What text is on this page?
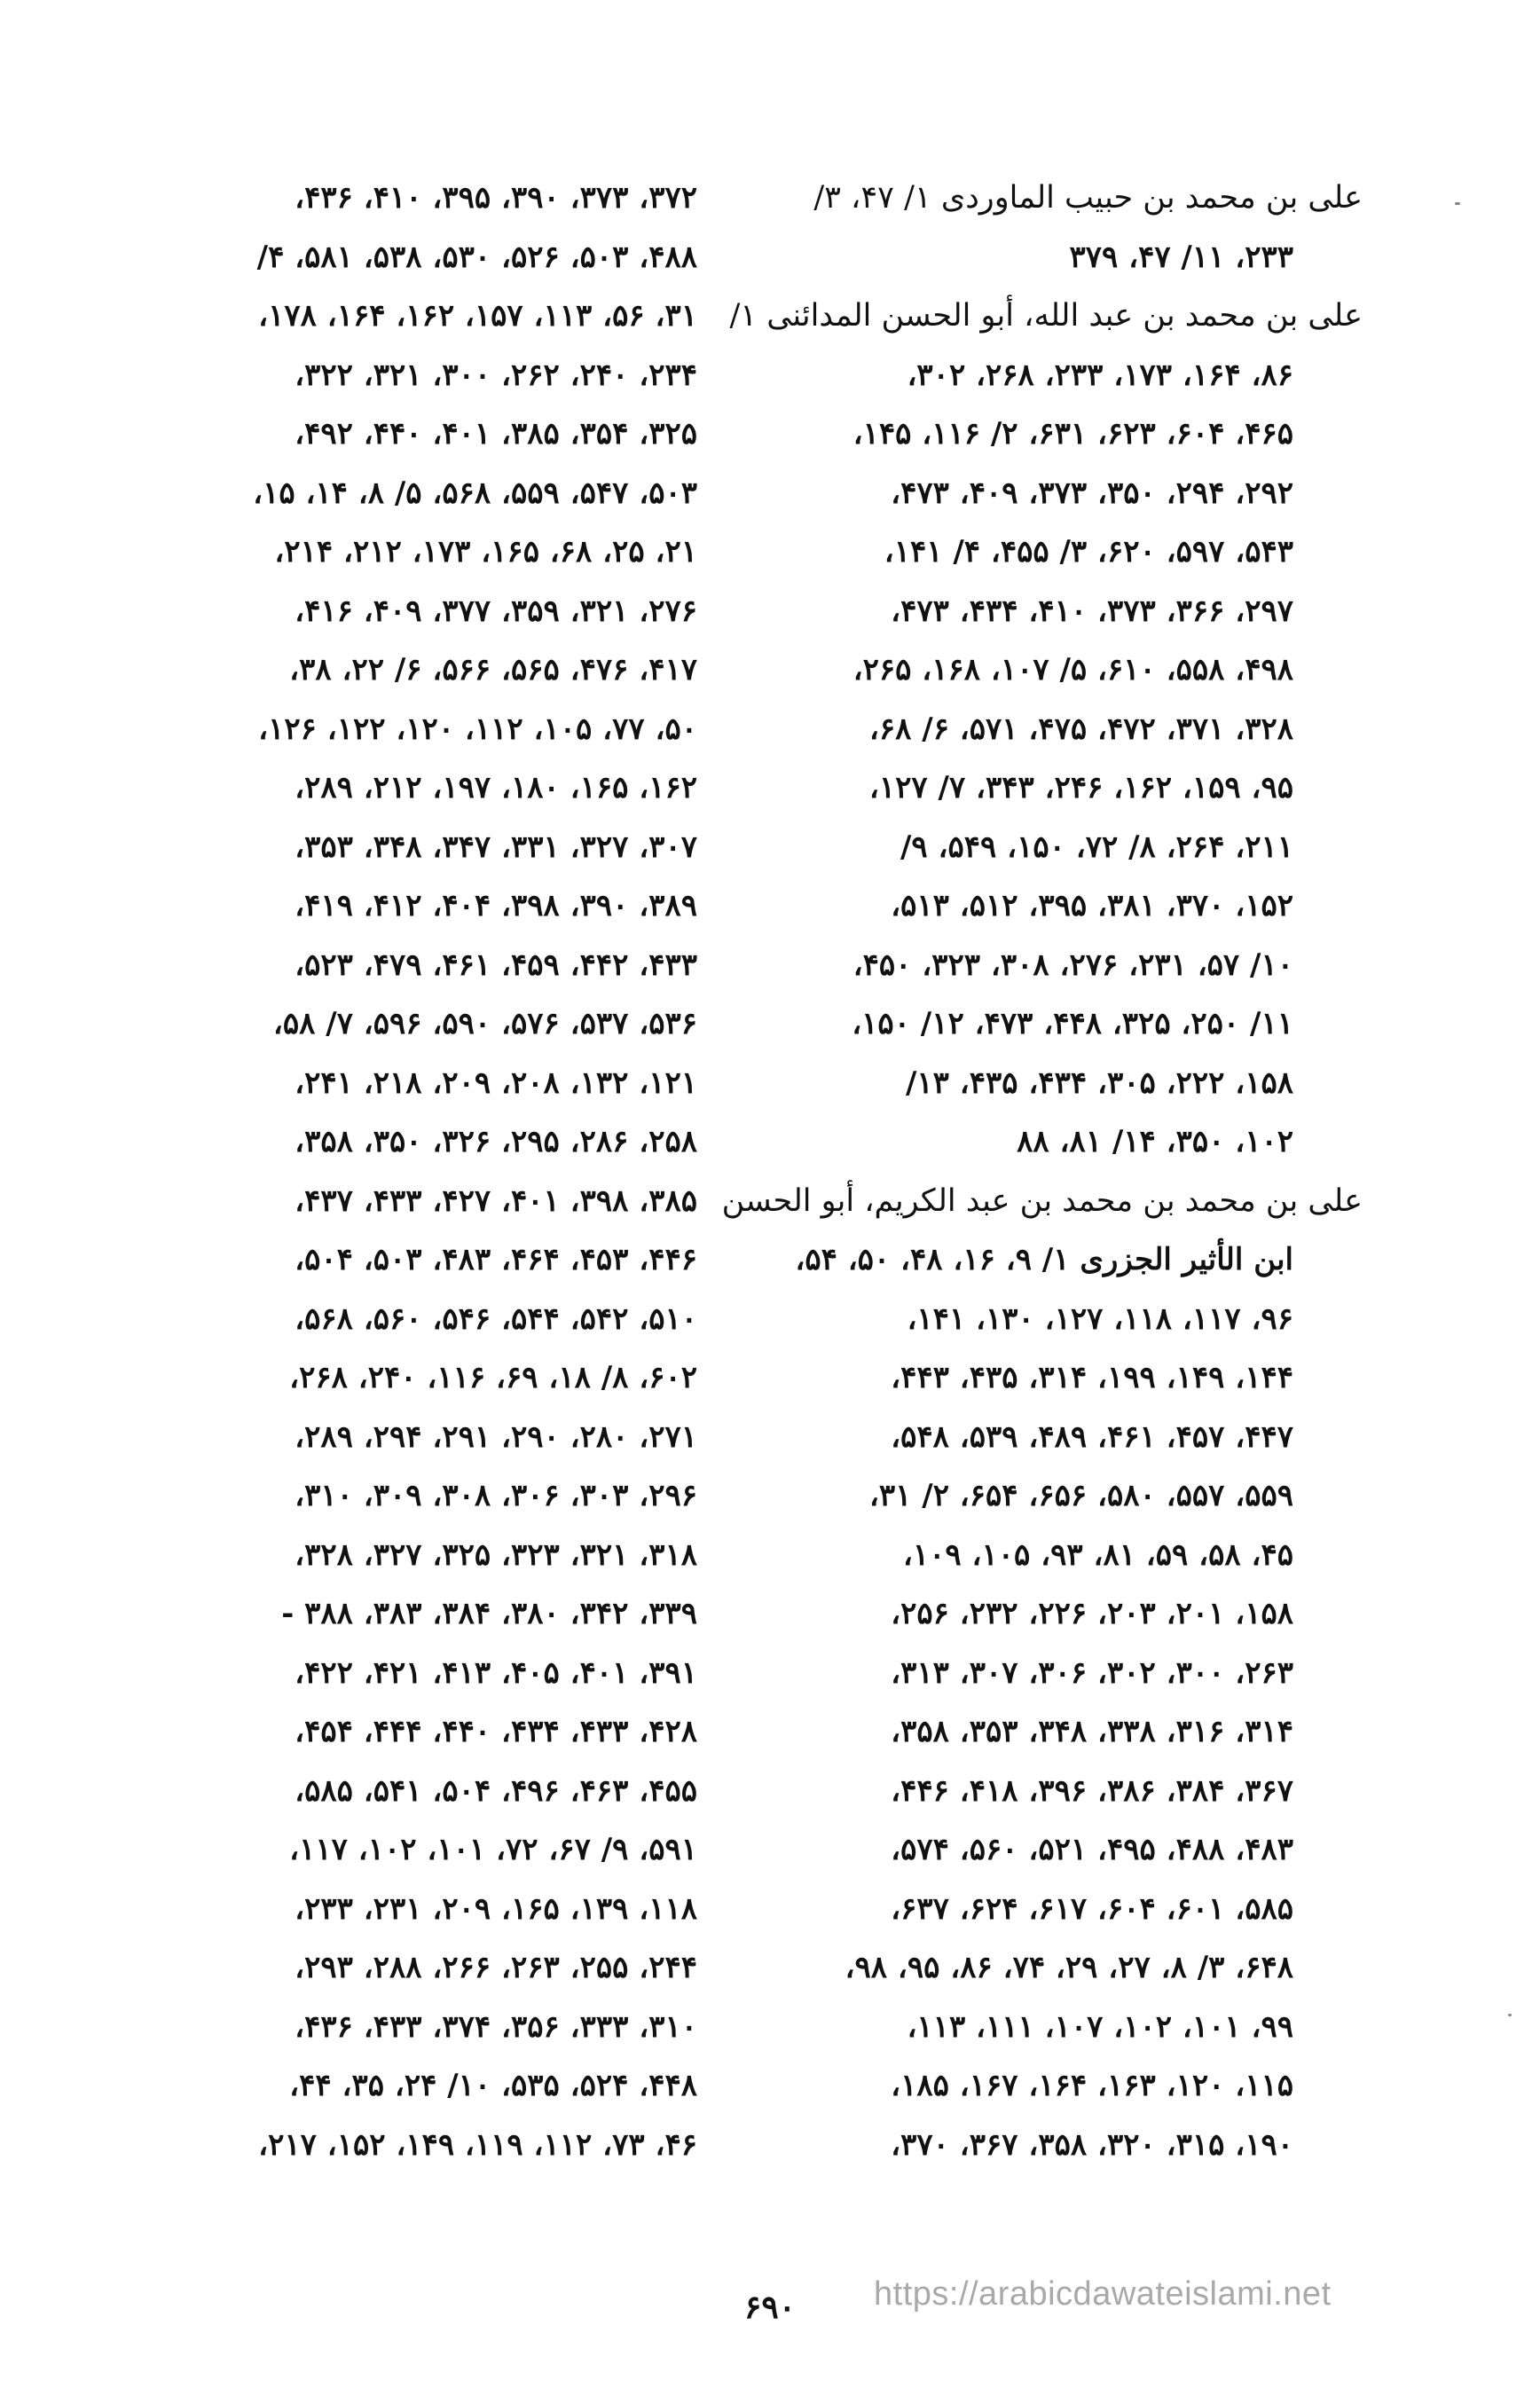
على بن محمد بن حبيب الماوردى ۱/ ۴۷، ۳/
۲۳۳، ۱۱/ ۴۷، ۳۷۹
على بن محمد بن عبد الله، أبو الحسن المدائنى ۱/
۸۶، ۱۶۴، ۱۷۳، ۲۳۳، ۲۶۸، ۳۰۲،
۴۶۵، ۶۰۴، ۶۲۳، ۶۳۱، ۲/ ۱۱۶، ۱۴۵،
۲۹۲، ۲۹۴، ۳۵۰، ۳۷۳، ۴۰۹، ۴۷۳،
۵۴۳، ۵۹۷، ۶۲۰، ۳/ ۴۵۵، ۴/ ۱۴۱،
۲۹۷، ۳۶۶، ۳۷۳، ۴۱۰، ۴۳۴، ۴۷۳،
۴۹۸، ۵۵۸، ۶۱۰، ۵/ ۱۰۷، ۱۶۸، ۲۶۵،
۳۲۸، ۳۷۱، ۴۷۲، ۴۷۵، ۵۷۱، ۶/ ۶۸،
۹۵، ۱۵۹، ۱۶۲، ۲۴۶، ۳۴۳، ۷/ ۱۲۷،
۲۱۱، ۲۶۴، ۸/ ۷۲، ۱۵۰، ۵۴۹، ۹/
۱۵۲، ۳۷۰، ۳۸۱، ۳۹۵، ۵۱۲، ۵۱۳،
۱۰/ ۵۷، ۲۳۱، ۲۷۶، ۳۰۸، ۳۲۳، ۴۵۰،
۱۱/ ۲۵۰، ۳۲۵، ۴۴۸، ۴۷۳، ۱۲/ ۱۵۰،
۱۵۸، ۲۲۲، ۳۰۵، ۴۳۴، ۴۳۵، ۱۳/
۱۰۲، ۳۵۰، ۱۴/ ۸۱، ۸۸
على بن محمد بن محمد بن عبد الكريم، أبو الحسن
ابن الأثير الجزرى ۱/ ۹، ۱۶، ۴۸، ۵۰، ۵۴،
۹۶، ۱۱۷، ۱۱۸، ۱۲۷، ۱۳۰، ۱۴۱،
۱۴۴، ۱۴۹، ۱۹۹، ۳۱۴، ۴۳۵، ۴۴۳،
۴۴۷، ۴۵۷، ۴۶۱، ۴۸۹، ۵۳۹، ۵۴۸،
۵۵۹، ۵۵۷، ۵۸۰، ۶۵۶، ۶۵۴، ۲/ ۳۱،
۴۵، ۵۸، ۵۹، ۸۱، ۹۳، ۱۰۵، ۱۰۹،
۱۵۸، ۲۰۱، ۲۰۳، ۲۲۶، ۲۳۲، ۲۵۶،
۲۶۳، ۳۰۰، ۳۰۲، ۳۰۶، ۳۰۷، ۳۱۳،
۳۱۴، ۳۱۶، ۳۳۸، ۳۴۸، ۳۵۳، ۳۵۸،
۳۶۷، ۳۸۴، ۳۸۶، ۳۹۶، ۴۱۸، ۴۴۶،
۴۸۳، ۴۸۸، ۴۹۵، ۵۲۱، ۵۶۰، ۵۷۴،
۵۸۵، ۶۰۱، ۶۰۴، ۶۱۷، ۶۲۴، ۶۳۷،
۶۴۸، ۳/ ۸، ۲۷، ۲۹، ۷۴، ۸۶، ۹۵، ۹۸،
۹۹، ۱۰۱، ۱۰۲، ۱۰۷، ۱۱۱، ۱۱۳،
۱۱۵، ۱۲۰، ۱۶۳، ۱۶۴، ۱۶۷، ۱۸۵،
۱۹۰، ۳۱۵، ۳۲۰، ۳۵۸، ۳۶۷، ۳۷۰،
۳۷۲، ۳۷۳، ۳۹۰، ۳۹۵، ۴۱۰، ۴۳۶،
۴۸۸، ۵۰۳، ۵۲۶، ۵۳۰، ۵۳۸، ۵۸۱، ۴/
۳۱، ۵۶، ۱۱۳، ۱۵۷، ۱۶۲، ۱۶۴، ۱۷۸،
۲۳۴، ۲۴۰، ۲۶۲، ۳۰۰، ۳۲۱، ۳۲۲،
۳۲۵، ۳۵۴، ۳۸۵، ۴۰۱، ۴۴۰، ۴۹۲،
۵۰۳، ۵۴۷، ۵۵۹، ۵۶۸، ۵/ ۸، ۱۴، ۱۵،
۲۱، ۲۵، ۶۸، ۱۶۵، ۱۷۳، ۲۱۲، ۲۱۴،
۲۷۶، ۳۲۱، ۳۵۹، ۳۷۷، ۴۰۹، ۴۱۶،
۴۱۷، ۴۷۶، ۵۶۵، ۵۶۶، ۶/ ۲۲، ۳۸،
۵۰، ۷۷، ۱۰۵، ۱۱۲، ۱۲۰، ۱۲۲، ۱۲۶،
۱۶۲، ۱۶۵، ۱۸۰، ۱۹۷، ۲۱۲، ۲۸۹،
۳۰۷، ۳۲۷، ۳۳۱، ۳۴۷، ۳۴۸، ۳۵۳،
۳۸۹، ۳۹۰، ۳۹۸، ۴۰۴، ۴۱۲، ۴۱۹،
۴۳۳، ۴۴۲، ۴۵۹، ۴۶۱، ۴۷۹، ۵۲۳،
۵۳۶، ۵۳۷، ۵۷۶، ۵۹۰، ۵۹۶، ۷/ ۵۸،
۱۲۱، ۱۳۲، ۲۰۸، ۲۰۹، ۲۱۸، ۲۴۱،
۲۵۸، ۲۸۶، ۲۹۵، ۳۲۶، ۳۵۰، ۳۵۸،
۳۸۵، ۳۹۸، ۴۰۱، ۴۲۷، ۴۳۳، ۴۳۷،
۴۴۶، ۴۵۳، ۴۶۴، ۴۸۳، ۵۰۳، ۵۰۴،
۵۱۰، ۵۴۲، ۵۴۴، ۵۴۶، ۵۶۰، ۵۶۸،
۶۰۲، ۸/ ۱۸، ۶۹، ۱۱۶، ۲۴۰، ۲۶۸،
۲۷۱، ۲۸۰، ۲۹۰، ۲۹۱، ۲۹۴، ۲۸۹،
۲۹۶، ۳۰۳، ۳۰۶، ۳۰۸، ۳۰۹، ۳۱۰،
۳۱۸، ۳۲۱، ۳۲۳، ۳۲۵، ۳۲۷، ۳۲۸،
۳۳۹، ۳۴۲، ۳۸۰، ۳۸۴، ۳۸۳، ۳۸۸ -
۳۹۱، ۴۰۱، ۴۰۵، ۴۱۳، ۴۲۱، ۴۲۲،
۴۲۸، ۴۳۳، ۴۳۴، ۴۴۰، ۴۴۴، ۴۵۴،
۴۵۵، ۴۶۳، ۴۹۶، ۵۰۴، ۵۴۱، ۵۸۵،
۵۹۱، ۹/ ۶۷، ۷۲، ۱۰۱، ۱۰۲، ۱۱۷،
۱۱۸، ۱۳۹، ۱۶۵، ۲۰۹، ۲۳۱، ۲۳۳،
۲۴۴، ۲۵۵، ۲۶۳، ۲۶۶، ۲۸۸، ۲۹۳،
۳۱۰، ۳۳۳، ۳۵۶، ۳۷۴، ۴۳۳، ۴۳۶،
۴۴۸، ۵۲۴، ۵۳۵، ۱۰/ ۲۴، ۳۵، ۴۴،
۴۶، ۷۳، ۱۱۲، ۱۱۹، ۱۴۹، ۱۵۲، ۲۱۷،
۶۹۰	https://arabicdawateislami.net
